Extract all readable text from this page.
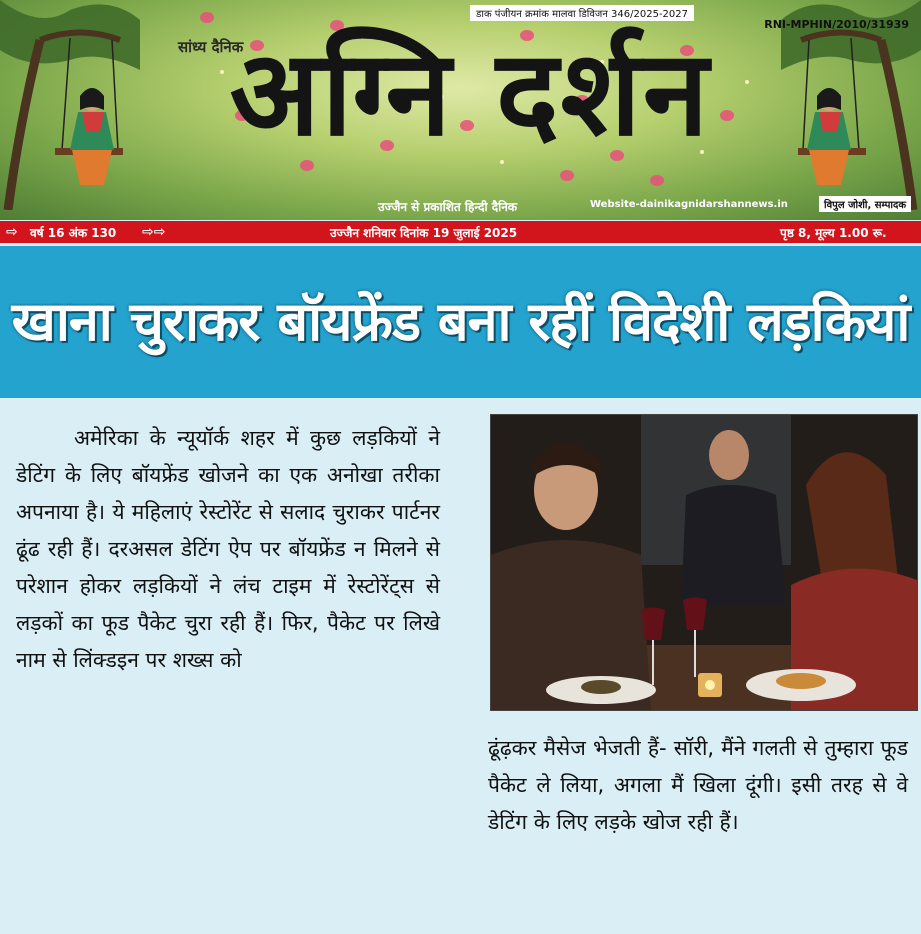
सांध्य दैनिक
अग्नि दर्शन
डाक पंजीयन क्रमांक मालवा डिविजन 346/2025-2027
RNI-MPHIN/2010/31939
उज्जैन से प्रकाशित हिन्दी दैनिक	Website-dainikagnidarshannews.in	विपुल जोशी, सम्पादक
⇨ वर्ष 16 अंक 130 ⇨⇨	उज्जैन शनिवार दिनांक 19 जुलाई 2025	पृष्ठ 8, मूल्य 1.00 रू.
खाना चुराकर बॉयफ्रेंड बना रहीं विदेशी लड़कियां

अमेरिका के न्यूयॉर्क शहर में कुछ लड़कियों ने डेटिंग के लिए बॉयफ्रेंड खोजने का एक अनोखा तरीका अपनाया है। ये महिलाएं रेस्टोरेंट से सलाद चुराकर पार्टनर ढूंढ रही हैं। दरअसल डेटिंग ऐप पर बॉयफ्रेंड न मिलने से परेशान होकर लड़कियों ने लंच टाइम में रेस्टोरेंट्स से लड़कों का फूड पैकेट चुरा रही हैं। फिर, पैकेट पर लिखे नाम से लिंक्डइन पर शख्स को

ढूंढ़कर मैसेज भेजती हैं- सॉरी, मैंने गलती से तुम्हारा फूड पैकेट ले लिया, अगला मैं खिला दूंगी। इसी तरह से वे डेटिंग के लिए लड़के खोज रही हैं।
